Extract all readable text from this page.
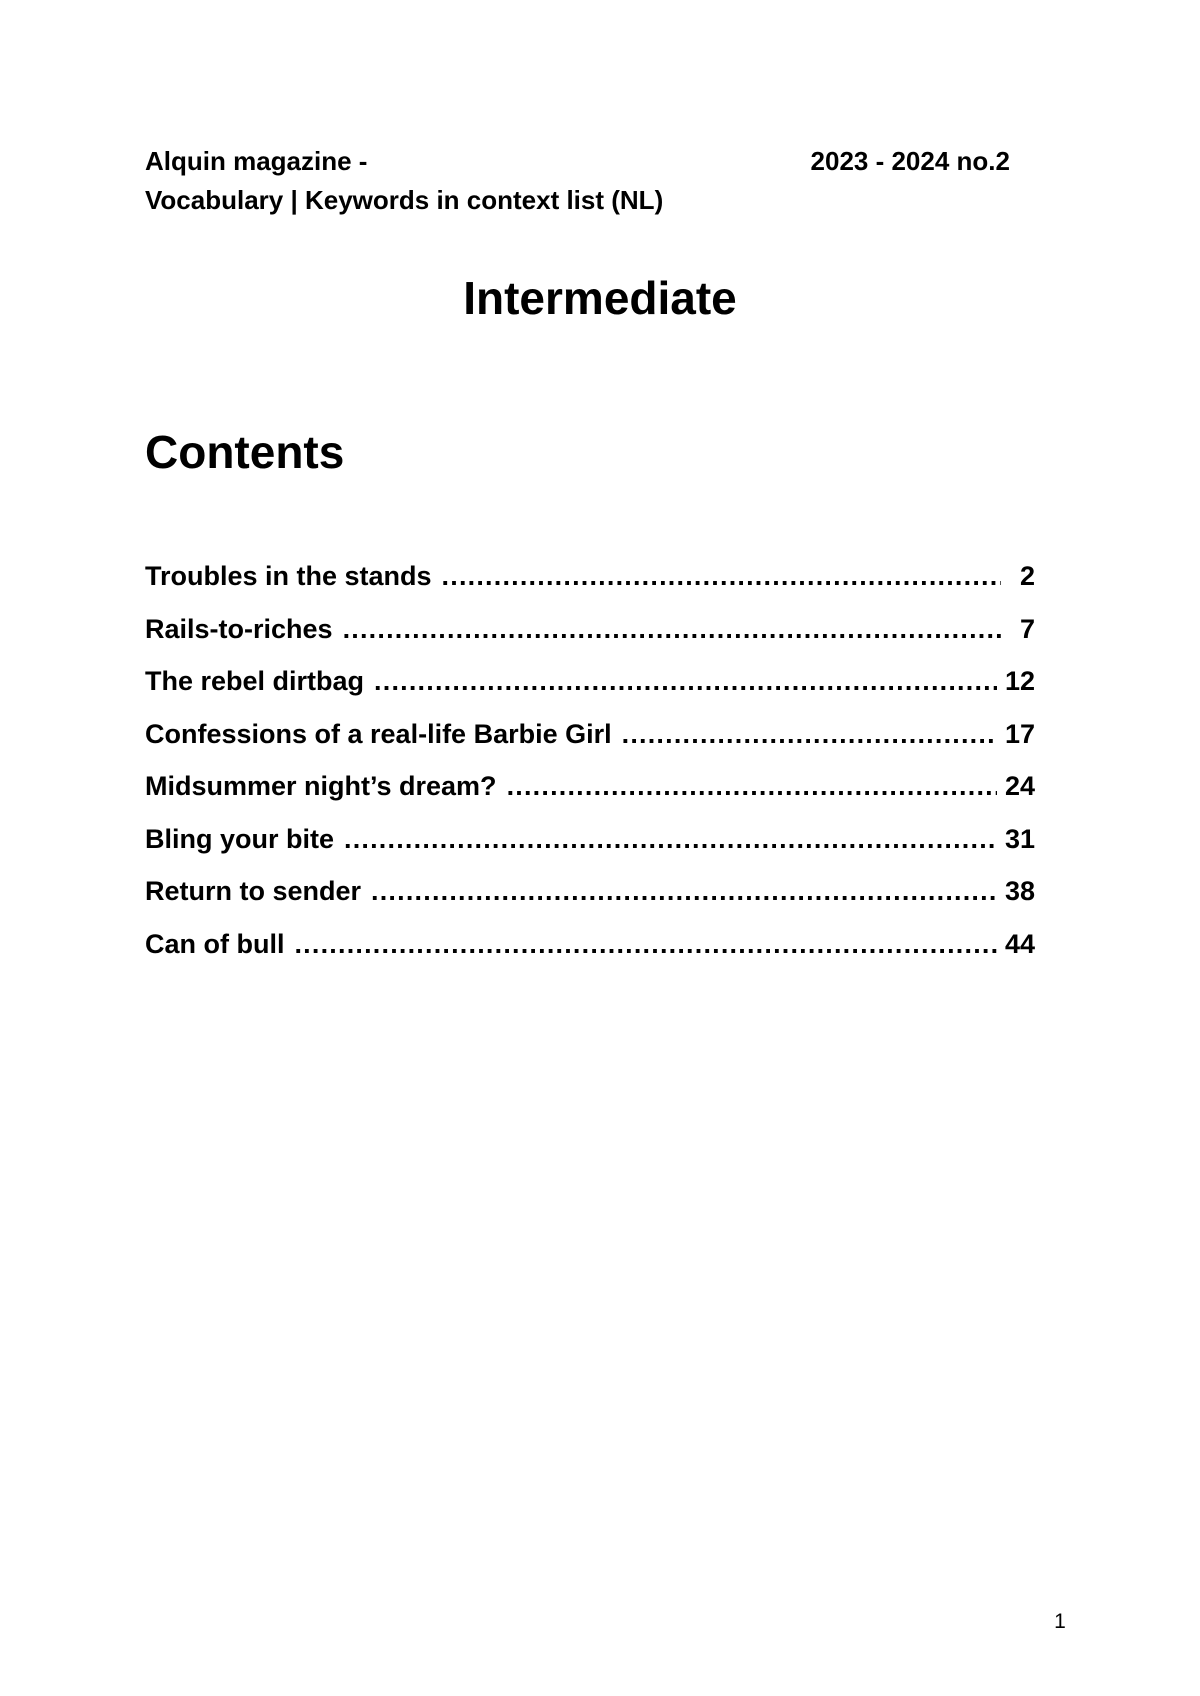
Alquin magazine -	2023 - 2024 no.2
Vocabulary | Keywords in context list (NL)
Intermediate
Contents
Troubles in the stands .....	2
Rails-to-riches .....	7
The rebel dirtbag .....	12
Confessions of a real-life Barbie Girl .....	17
Midsummer night’s dream? .....	24
Bling your bite .....	31
Return to sender .....	38
Can of bull .....	44
1
